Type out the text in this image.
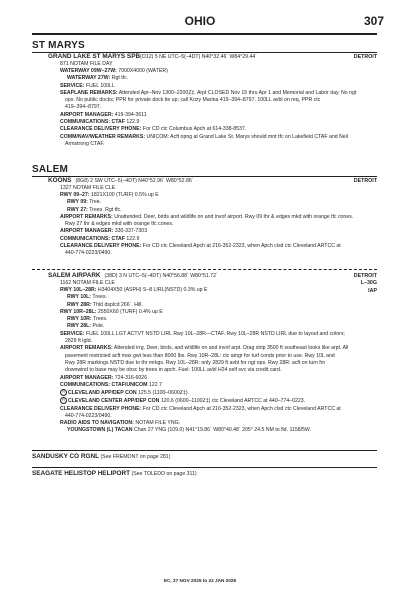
OHIO	307
ST MARYS
GRAND LAKE ST MARYS SPB(O12) 5 NE UTC–5(–4DT) N40°32.46´ W84°29.44´
871 NOTAM FILE DAY
DETROIT
WATERWAY 09W–27W: 7000X4000 (WATER)
WATERWAY 27W: Rgt tfc.
SERVICE: FUEL 100LL
SEAPLANE REMARKS: Attended Apr–Nov 1300–2200Z‡. Arpt CLOSED Nov 15 thru Apr 1 and Memorial and Labor day. No ngt
ops. No public docks; PPR for private dock tie up; call Kozy Marina 419–394–8797. 100LL avbl on req, PPR ctc
419–394–8797.
AIRPORT MANAGER: 419-394-3611
COMMUNICATIONS: CTAF 122.9
CLEARANCE DELIVERY PHONE: For CD ctc Columbus Apch at 614-338-8537.
COMM/NAV/WEATHER REMARKS: UNICOM: Acft opng at Grand Lake St. Marys should mnt tfc on Lakefield CTAF and Neil
Armstrong CTAF.
SALEM
KOONS (8G8) 2 SW UTC–5(–4DT) N40°52.96´ W80°52.86´
1327 NOTAM FILE CLE
DETROIT
RWY 09–27: 1821X100 (TURF) 0.5% up E
RWY 09: Tree.
RWY 27: Trees. Rgt tfc.
AIRPORT REMARKS: Unattended. Deer, birds and wildlife on and invof airport. Rwy 09 thr & edges mkd with orange tfc cones.
Rwy 27 thr & edges mkd with orange tfc cones.
AIRPORT MANAGER: 330-337-7303
COMMUNICATIONS: CTAF 122.9
CLEARANCE DELIVERY PHONE: For CD ctc Cleveland Apch at 216-352-2323, when Apch clsd ctc Cleveland ARTCC at
440-774-0223/0490.
SALEM AIRPARK (38D) 3 N UTC–5(–4DT) N40°56.88´ W80°51.72´
1162 NOTAM FILE CLE
DETROIT
L–30G
IAP
RWY 10L–28R: H3404X50 (ASPH) S–8 LIRL(NSTD) 0.3% up E
RWY 10L: Trees.
RWY 28R: Thld dsplcd 266´. Hill.
RWY 10R–28L: 2550X60 (TURF) 0.4% up E
RWY 10R: Trees.
RWY 28L: Pole.
SERVICE: FUEL 100LL LGT ACTVT NSTD LIRL Rwy 10L–28R—CTAF. Rwy 10L–28R NSTD LIRL due to layout and colors;
2829 ft lgtd.
AIRPORT REMARKS: Attended irrg. Deer, birds, and wildlife on and invof arpt. Drag strip 3500 ft southeast looks like arpt. All
pavement restricted acft max gwt less than 8000 lbs. Rwy 10R–28L: ctc amgr for turf conds prior to use. Rwy 10L and
Rwy 28R markings NSTD due to thr mrkgs. Rwy 10L–28R: only 2829 ft avbl for ngt ops. Rwy 28R: acft on turn fm
downwind to base may be obsc by trees in apch. Fuel: 100LL avbl H24 self svc via credit card.
AIRPORT MANAGER: 724-316-6026
COMMUNICATIONS: CTAF/UNICOM 122.7
R CLEVELAND APP/DEP CON 125.5 (1100–0600Z‡).
R CLEVELAND CENTER APP/DEP CON 120.6 (0600–1100Z‡) ctc Cleveland ARTCC at 440–774–0223.
CLEARANCE DELIVERY PHONE: For CD ctc Cleveland Apch at 216-352-2323, when Apch clsd ctc Cleveland ARTCC at
440-774-0223/0490.
RADIO AIDS TO NAVIGATION: NOTAM FILE YNG.
YOUNGSTOWN (L) TACAN Chan 27 YNG (109.0) N41°19.86´ W80°40.48´ 205° 24.5 NM to fld. 1158/5W.
SANDUSKY CO RGNL (See FREMONT on page 281)
SEAGATE HELISTOP HELIPORT (See TOLEDO on page 311)
EC, 27 NOV 2025 to 22 JAN 2026
